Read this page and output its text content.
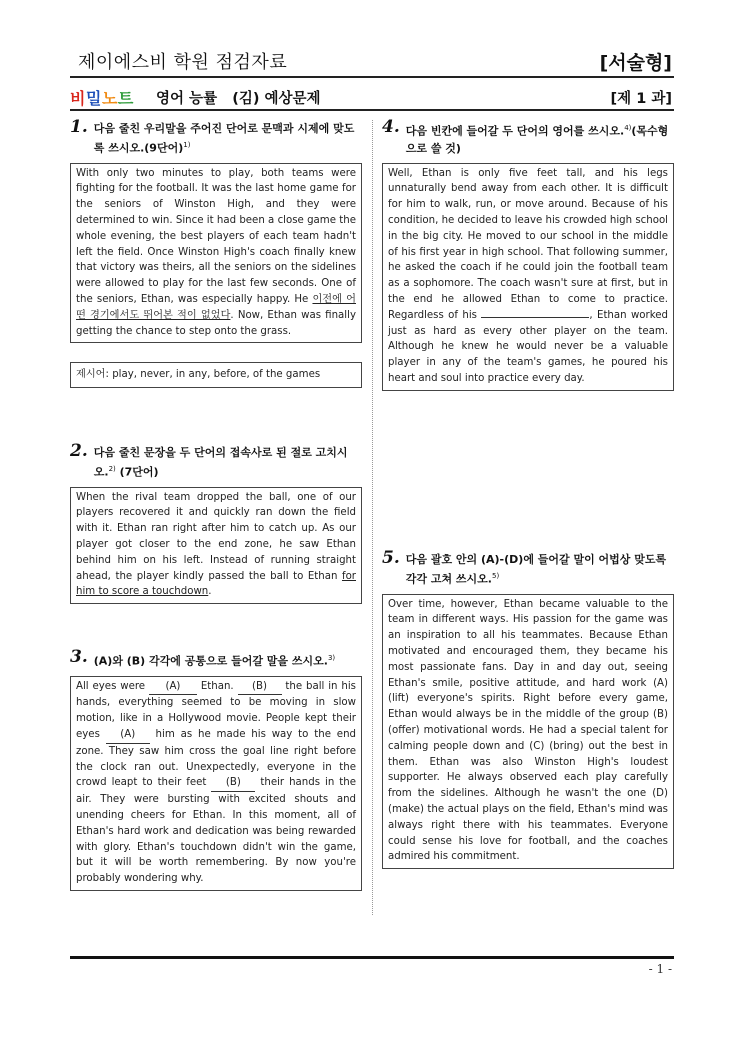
제이에스비 학원 점검자료	[서술형]
비밀노트 영어 능률   (김) 예상문제	[제 1 과]
1. 다음 줄친 우리말을 주어진 단어로 문맥과 시제에 맞도록 쓰시오.(9단어)$^{1)}$
With only two minutes to play, both teams were fighting for the football. It was the last home game for the seniors of Winston High, and they were determined to win. Since it had been a close game the whole evening, the best players of each team hadn't left the field. Once Winston High's coach finally knew that victory was theirs, all the seniors on the sidelines were allowed to play for the last few seconds. One of the seniors, Ethan, was especially happy. He 이전에 어떤 경기에서도 뛰어본 적이 없었다. Now, Ethan was finally getting the chance to step onto the grass.
제시어: play, never, in any, before, of the games
2. 다음 줄친 문장을 두 단어의 접속사로 된 절로 고치시오.$^{2)}$ (7단어)
When the rival team dropped the ball, one of our players recovered it and quickly ran down the field with it. Ethan ran right after him to catch up. As our player got closer to the end zone, he saw Ethan behind him on his left. Instead of running straight ahead, the player kindly passed the ball to Ethan for him to score a touchdown.
3. (A)와 (B) 각각에 공통으로 들어갈 말을 쓰시오.$^{3)}$
All eyes were (A) Ethan. (B) the ball in his hands, everything seemed to be moving in slow motion, like in a Hollywood movie. People kept their eyes (A) him as he made his way to the end zone. They saw him cross the goal line right before the clock ran out. Unexpectedly, everyone in the crowd leapt to their feet (B) their hands in the air. They were bursting with excited shouts and unending cheers for Ethan. In this moment, all of Ethan's hard work and dedication was being rewarded with glory. Ethan's touchdown didn't win the game, but it will be worth remembering. By now you're probably wondering why.
4. 다음 빈칸에 들어갈 두 단어의 영어를 쓰시오.$^{4)}$(목수형으로 쓸 것)
Well, Ethan is only five feet tall, and his legs unnaturally bend away from each other. It is difficult for him to walk, run, or move around. Because of his condition, he decided to leave his crowded high school in the big city. He moved to our school in the middle of his first year in high school. That following summer, he asked the coach if he could join the football team as a sophomore. The coach wasn't sure at first, but in the end he allowed Ethan to come to practice. Regardless of his	, Ethan worked just as hard as every other player on the team. Although he knew he would never be a valuable player in any of the team's games, he poured his heart and soul into practice every day.
5. 다음 괄호 안의 (A)-(D)에 들어갈 말이 어법상 맞도록 각각 고쳐 쓰시오.$^{5)}$
Over time, however, Ethan became valuable to the team in different ways. His passion for the game was an inspiration to all his teammates. Because Ethan motivated and encouraged them, they became his most passionate fans. Day in and day out, seeing Ethan's smile, positive attitude, and hard work (A) (lift) everyone's spirits. Right before every game, Ethan would always be in the middle of the group (B) (offer) motivational words. He had a special talent for calming people down and (C) (bring) out the best in them. Ethan was also Winston High's loudest supporter. He always observed each play carefully from the sidelines. Although he wasn't the one (D) (make) the actual plays on the field, Ethan's mind was always right there with his teammates. Everyone could sense his love for football, and the coaches admired his commitment.
- 1 -
